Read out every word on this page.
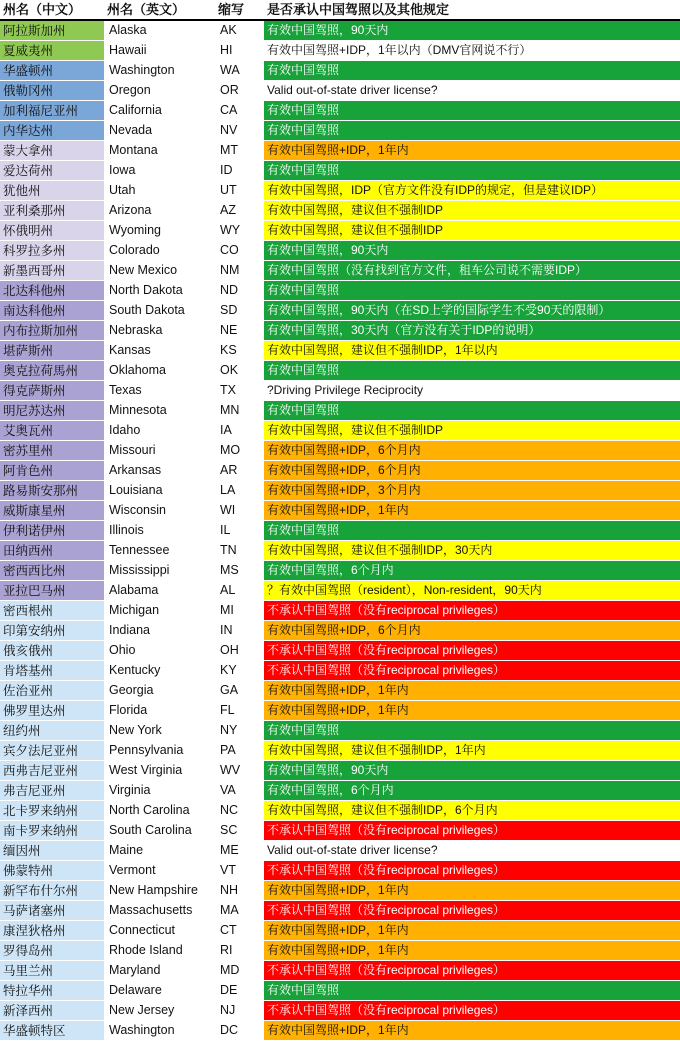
州名（中文）	州名（英文）	缩写	是否承认中国驾照以及其他规定
阿拉斯加州	Alaska	AK	有效中国驾照，90天内
夏威夷州	Hawaii	HI	有效中国驾照+IDP，1年以内（DMV官网说不行）
华盛顿州	Washington	WA	有效中国驾照
俄勒冈州	Oregon	OR	Valid out-of-state driver license?
加利福尼亚州	California	CA	有效中国驾照
内华达州	Nevada	NV	有效中国驾照
蒙大拿州	Montana	MT	有效中国驾照+IDP，1年内
爱达荷州	Iowa	ID	有效中国驾照
犹他州	Utah	UT	有效中国驾照，IDP（官方文件没有IDP的规定，但是建议IDP）
亚利桑那州	Arizona	AZ	有效中国驾照，建议但不强制IDP
怀俄明州	Wyoming	WY	有效中国驾照，建议但不强制IDP
科罗拉多州	Colorado	CO	有效中国驾照，90天内
新墨西哥州	New Mexico	NM	有效中国驾照（没有找到官方文件，租车公司说不需要IDP）
北达科他州	North Dakota	ND	有效中国驾照
南达科他州	South Dakota	SD	有效中国驾照，90天内（在SD上学的国际学生不受90天的限制）
内布拉斯加州	Nebraska	NE	有效中国驾照，30天内（官方没有关于IDP的说明）
堪萨斯州	Kansas	KS	有效中国驾照，建议但不强制IDP，1年以内
奥克拉荷馬州	Oklahoma	OK	有效中国驾照
得克萨斯州	Texas	TX	?Driving Privilege Reciprocity
明尼苏达州	Minnesota	MN	有效中国驾照
艾奥瓦州	Idaho	IA	有效中国驾照，建议但不强制IDP
密苏里州	Missouri	MO	有效中国驾照+IDP，6个月内
阿肯色州	Arkansas	AR	有效中国驾照+IDP，6个月内
路易斯安那州	Louisiana	LA	有效中国驾照+IDP，3个月内
威斯康星州	Wisconsin	WI	有效中国驾照+IDP，1年内
伊利诺伊州	Illinois	IL	有效中国驾照
田纳西州	Tennessee	TN	有效中国驾照，建议但不强制IDP，30天内
密西西比州	Mississippi	MS	有效中国驾照，6个月内
亚拉巴马州	Alabama	AL	？有效中国驾照（resident），Non-resident，90天内
密西根州	Michigan	MI	不承认中国驾照（没有reciprocal privileges）
印第安纳州	Indiana	IN	有效中国驾照+IDP，6个月内
俄亥俄州	Ohio	OH	不承认中国驾照（没有reciprocal privileges）
肯塔基州	Kentucky	KY	不承认中国驾照（没有reciprocal privileges）
佐治亚州	Georgia	GA	有效中国驾照+IDP，1年内
佛罗里达州	Florida	FL	有效中国驾照+IDP，1年内
纽约州	New York	NY	有效中国驾照
宾夕法尼亚州	Pennsylvania	PA	有效中国驾照，建议但不强制IDP，1年内
西弗吉尼亚州	West Virginia	WV	有效中国驾照，90天内
弗吉尼亚州	Virginia	VA	有效中国驾照，6个月内
北卡罗来纳州	North Carolina	NC	有效中国驾照，建议但不强制IDP，6个月内
南卡罗来纳州	South Carolina	SC	不承认中国驾照（没有reciprocal privileges）
缅因州	Maine	ME	Valid out-of-state driver license?
佛蒙特州	Vermont	VT	不承认中国驾照（没有reciprocal privileges）
新罕布什尔州	New Hampshire	NH	有效中国驾照+IDP，1年内
马萨诸塞州	Massachusetts	MA	不承认中国驾照（没有reciprocal privileges）
康涅狄格州	Connecticut	CT	有效中国驾照+IDP，1年内
罗得岛州	Rhode Island	RI	有效中国驾照+IDP，1年内
马里兰州	Maryland	MD	不承认中国驾照（没有reciprocal privileges）
特拉华州	Delaware	DE	有效中国驾照
新泽西州	New Jersey	NJ	不承认中国驾照（没有reciprocal privileges）
华盛顿特区	Washington	DC	有效中国驾照+IDP，1年内
